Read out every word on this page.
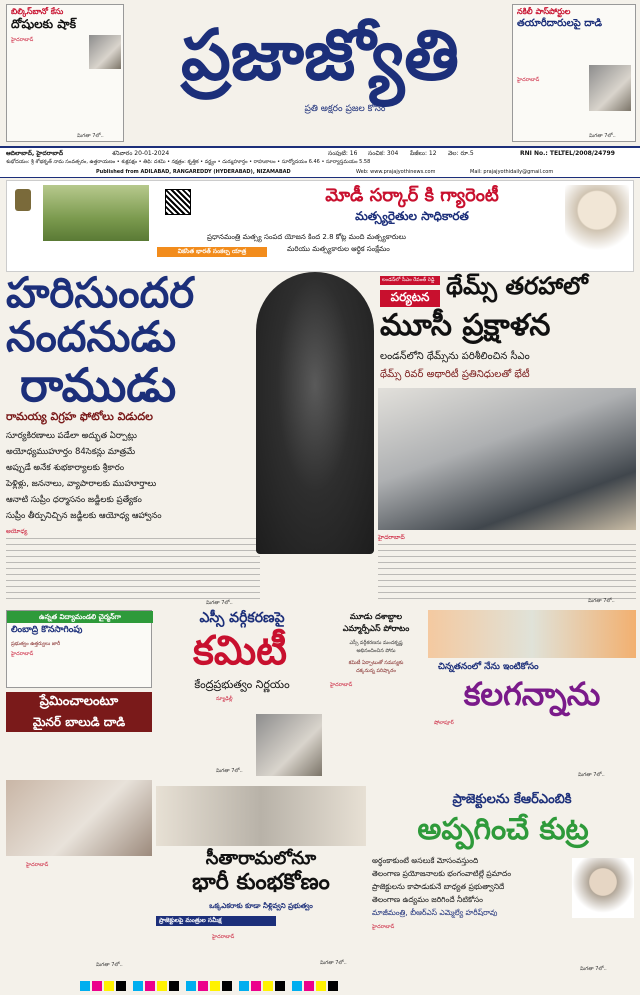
బిల్కిస్‌బానో కేసు
దోషులకు షాక్
హైదరాబాద్
మిగతా 7లో..
ప్రజాజ్యోతి
ప్రతి అక్షరం ప్రజల కోసం
నకిలీ పాస్‌పోర్టుల
తయారీదారులపై దాడి
హైదరాబాద్
మిగతా 7లో..
ఆదిలాబాద్, హైదరాబాద్	శనివారం 20-01-2024	సంపుటి: 16 సంచిక: 304 పేజీలు: 12 వెల: రూ.5	RNI No.: TELTEL/2008/24799
శుభోదయం: శ్రీ శోభకృత్ నామ సంవత్సరం, ఉత్తరాయణం • శుక్లపక్షం • తిథి: దశమి • నక్షత్రం: కృత్తిక • వర్జ్యం • దుర్ముహూర్తం • రాహుకాలం • సూర్యోదయం 6.46 • సూర్యాస్తమయం 5.58
Published from ADILABAD, RANGAREDDY (HYDERABAD), NIZAMABAD	Web: www.prajajyothinews.com	Mail: prajajyothidaily@gmail.com
వికసిత భారత్ సంకల్ప యాత్ర
మోడీ సర్కార్ కి గ్యారెంటీ
మత్స్యరైతుల సాధికారత
ప్రధానమంత్రి మత్స్య సంపద యోజన కింద 2.8 కోట్ల మంది మత్స్యకారులు
మరియు మత్స్యకారుల ఆర్థిక సంక్షేమం
హరిసుందర
నందనుడు
రాముడు
రామయ్య విగ్రహ ఫోటోలు విడుదల
సూర్యకిరణాలు పడేలా అద్భుత ఏర్పాట్లు
అయోధ్యముహూర్తం 84సెకన్లు మాత్రమే
అప్పుడే అనేక శుభకార్యాలకు శ్రీకారం
పెళ్లిళ్లు, జననాలు, వ్యాపారాలకు ముహూర్తాలు
ఆనాటి సుప్రీం ధర్మాసనం జడ్జీలకు ప్రత్యేకం
సుప్రీం తీర్పునిచ్చిన జడ్జీలకు ఆయోధ్య ఆహ్వానం
అయోధ్య
మిగతా 7లో..
లండన్‌లో సీఎం రేవంత్ రెడ్డి
పర్యటన థేమ్స్ తరహాలో
మూసీ ప్రక్షాళన
లండన్‌లోని థేమ్స్‌ను పరిశీలించిన సీఎం
థేమ్స్ రివర్ అథారిటీ ప్రతినిధులతో భేటీ
హైదరాబాద్
మిగతా 7లో..
ఉన్నత విద్యామండలి చైర్మన్‌గా
లింబాద్రి కొనసాగింపు
ప్రభుత్వం ఉత్తర్వులు జారీ
హైదరాబాద్
ఎస్సీ వర్గీకరణపై
కమిటీ
కేంద్రప్రభుత్వం నిర్ణయం
న్యూఢిల్లీ
మిగతా 7లో..
మూడు దశాబ్దాల
ఎమ్మార్పీఎస్ పోరాటం
ఎస్సీ వర్గీకరణను మందకృష్ణ
అభినందించిన పోను
కమిటీ ఏర్పాటుతో సమస్యకు
దక్కనున్న పరిష్కారం
హైదరాబాద్
చిన్నతనంలో నేను ఇంటికోసం
కలగన్నాను
షోలాపూర్
మిగతా 7లో..
ప్రేమించాలంటూ
మైనర్ బాలుడి దాడి
హైదరాబాద్
మిగతా 7లో..
సీతారామలోనూ
భారీ కుంభకోణం
ఒక్కఎకరాకు కూడా నీళ్లివ్వని ప్రభుత్వం
ప్రాజెక్టులపై మంత్రుల సమీక్ష
హైదరాబాద్
మిగతా 7లో..
ప్రాజెక్టులను కేఆర్ఎంబికి
అప్పగించే కుట్ర
అర్థంకాకుంటే అసలుకే మోసంవస్తుంది
తెలంగాణ ప్రయోజనాలకు భంగంవాటిల్లే ప్రమాదం
ప్రాజెక్టులను కాపాడుకునే బాధ్యత ప్రభుత్వానిదే
తెలంగాణ ఉద్యమం జరిగిందే నీటికోసం
మాజీమంత్రి, బీఆర్ఎస్ ఎమ్మెల్యే హరీష్‌రావు
హైదరాబాద్
మిగతా 7లో..
